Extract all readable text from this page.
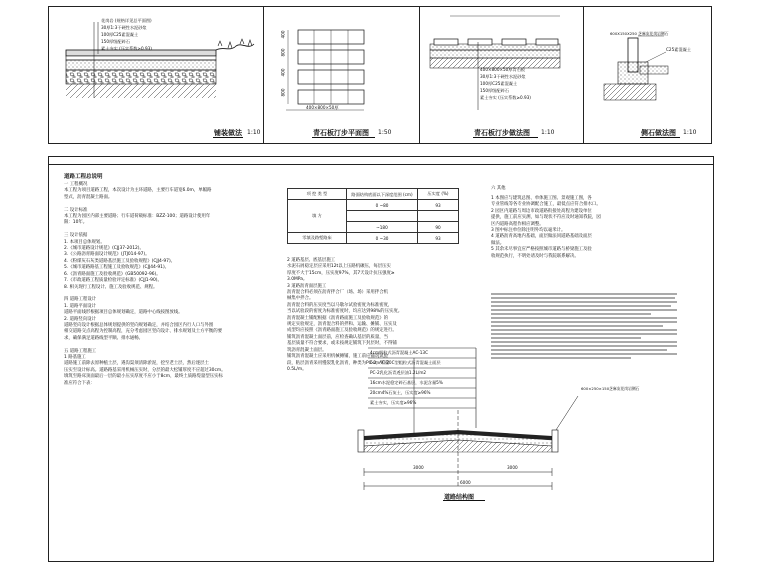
花岗岩 (规格详见总平面图)
30厚1:3干硬性水泥砂浆
100厚C25素混凝土
150厚级配碎石
素土夯实 (压实系数≥0.93)
铺装做法 1:10
400
800
400
800
400×800×50厚
青石板汀步平面图 1:50
400×800×50厚青石板
30厚1:3干硬性水泥砂浆
100厚C25素混凝土
150厚级配碎石
素土夯实 (压实系数≥0.93)
青石板汀步做法图 1:10
600X150X250 芝麻灰花岗岩侧石
C25素混凝土
侧石做法图 1:10
道路工程总说明
一 工程概况
本工程为项目道路工程，本次设计为主环道路，主要行车道宽6.0m，单幅路
型式，沥青混凝土路面。

二 设计标准
本工程为园区内部主要道路；行车道荷载标准：BZZ-100；道路设计使用年
限：10年。

三 设计依据
1. 本项目总体规划。
2.《城市道路设计规范》(CJJ37-2012)。
3.《公路沥青路面设计规范》(JTJ014-97)。
4.《粉煤灰石灰类道路基层施工及验收规程》(CJJ4-97)。
5.《城市道路路基工程施工及验收规范》(CJJ44-91)。
6.《沥青路面施工及验收规范》(GB50092-96)。
7.《市政道路工程质量检验评定标准》(CJJ1-90)。
8. 相关现行工程设计、施工及验收规范、规程。

四 道路工程设计
1. 道路平面设计
道路平面线形根据项目总体规划确定，道路中心线按图放线。
2. 道路竖向设计
道路竖向设计根据总体规划提供的竖向规划确定，并结合园区内行人口与外围
相交道路交点高程为控制高程，充分考虑园区竖向设计、排水规划及土方平衡的要
求，确保满足道路线型平顺、排水通畅。

五 道路工程施工
1 路基施工
道路施工前除去原种植土层，遇沟渠须清除淤泥，挖至老土层，然后逐层土
压实至设计标高。道路路基采用机械压实时，分层的最大松铺厚度不应超过30cm。
填筑至路床顶面最后一层的最小压实厚度不应小于8cm，最终土质路堤量型压实标
准应符合下表：
项 挖 类 型	路面结构底面以下深度范围 (cm)	压实度 (%)
填 方	0 ~80	93

	~180	90
零填及路堑路床	0 ~30	93
2 道路基层、底基层施工
水泥石屑稳定层应采用12t以上压路机碾压，每层压实
厚度不大于15cm，压实度97%，其7天设计抗压强度≥
3.0MPa。
3 道路沥青面层施工
沥青混合料必须在沥青拌合厂（场、场）采用拌合机
械集中拌合。
沥青混合料的压实度当以马歇尔试验密度为标准密度，
当以试验段的密度为标准密度时，均应达到98%的压实度。
沥青混凝土铺配根据《沥青路面施工及验收规范》的
规定实验规定，沥青混合料的拌和、运输、摊铺、压实及
成型均应按照《沥青路面施工及验收规范》的规定进行。
铺筑沥青混凝土面层前，应检查确认基层的质量，当
基层质量不符合要求，或未按规定铺筑下封层时，不得铺
筑沥青混凝土面层。
铺筑沥青混凝土应采用机械摊铺，施工前应铺筑试验
段，粘层沥青采用慢裂乳化沥青，种类为PC-2，用量
0.5L/m。
六 其他
1 本图应与建筑总图、单体施工图、景观施工图，各
专业管线等各专业协调配合施工，最低点应符合排水口。
2 园区内道路与周边市政道路衔接处高程为建设单位
提供，施工前应实测，如与现状不符应及时通知我院，园
区内道路高程作相应调整。
3 图中标注单位除注明外均以毫米计。
4 道路沥青高地内基础，面层做法同道路基础及面层
做法。
5 其余未尽事宜应严格按照城市道路与桥梁施工及验
收规范执行，不明处请及时与我院联系解决。
4cm细粒式沥青混凝土AC-13C
6cmAC-20C型粗粒式沥青混凝土面层
PC-2乳化沥青透层油1.2L/m2
16cm水泥稳定碎石基层，水泥含量5%
20cm4%石灰土，压实度≥96%
素土夯实，压实度≥96%
3000	3000
6000
600×250×150芝麻灰花岗岩侧石
道路结构图
